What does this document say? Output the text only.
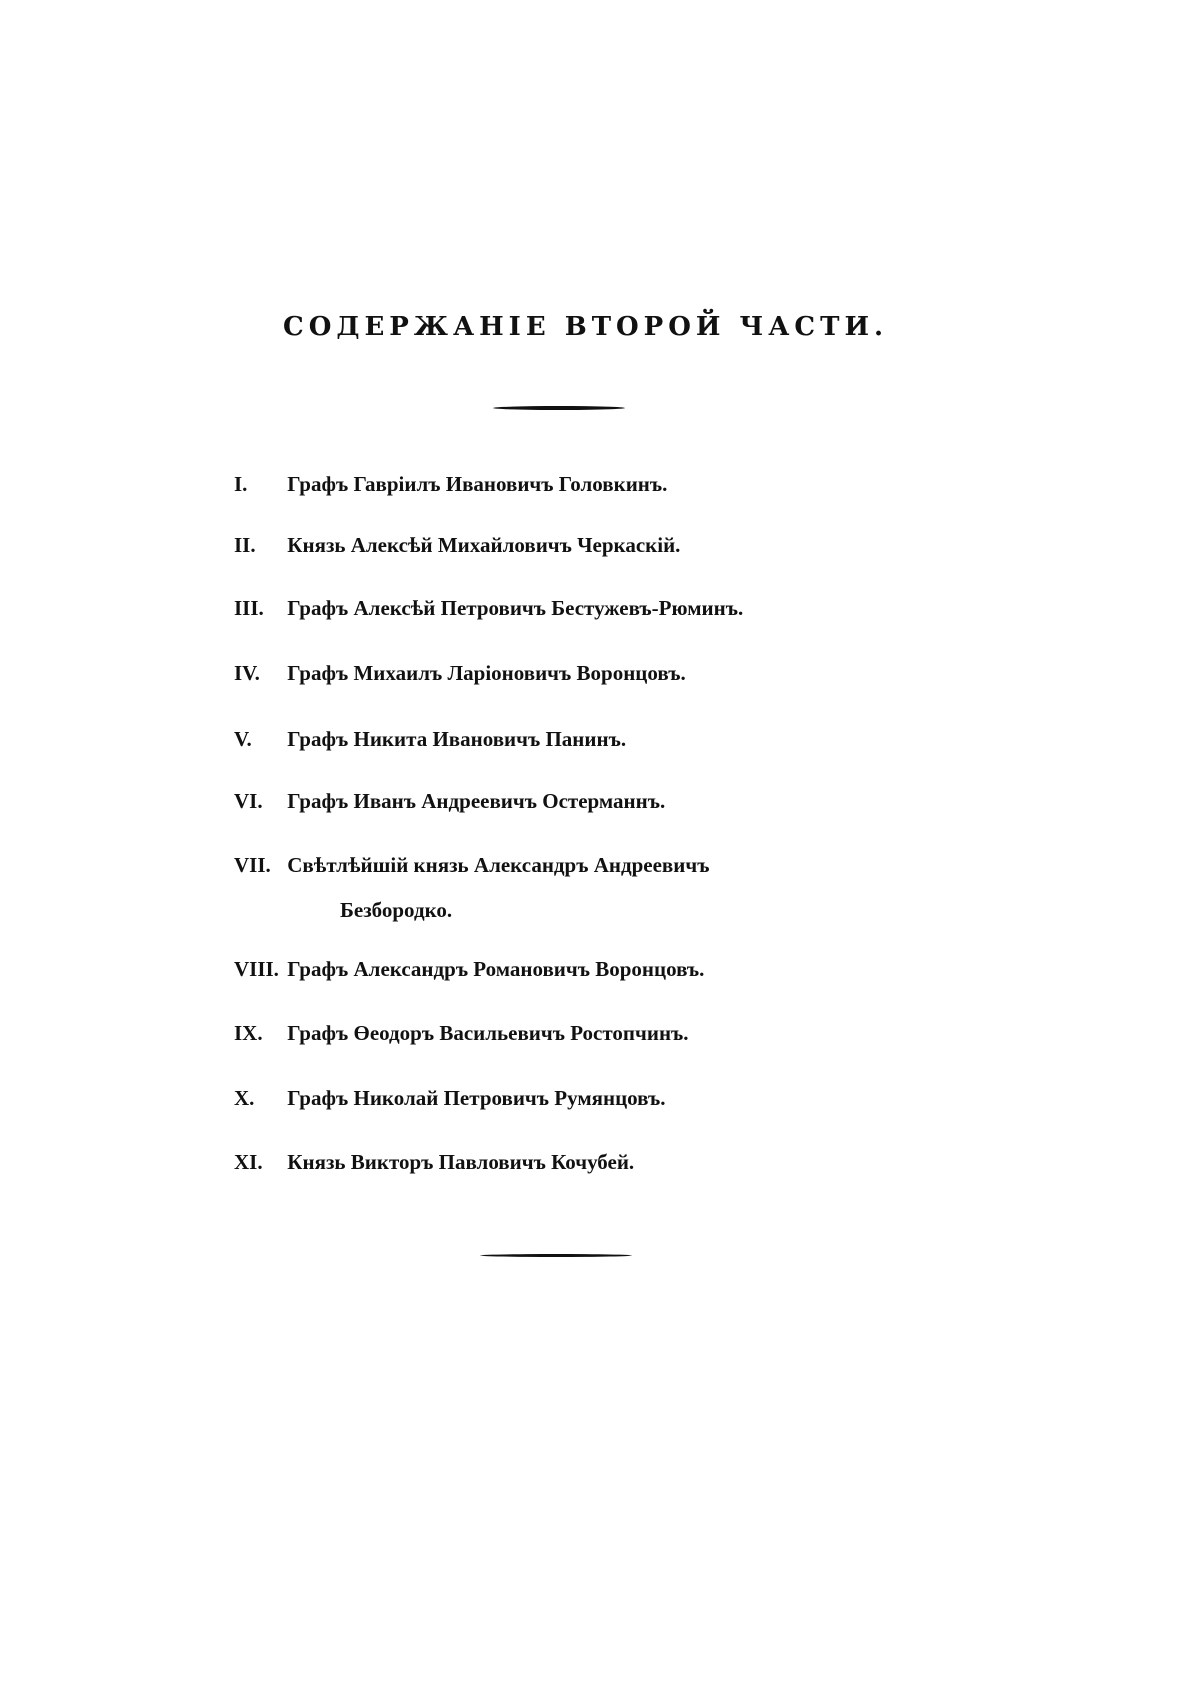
СОДЕРЖАНІЕ ВТОРОЙ ЧАСТИ.
I. Графъ Гавріилъ Ивановичъ Головкинъ.
II. Князь Алексѣй Михайловичъ Черкаскій.
III. Графъ Алексѣй Петровичъ Бестужевъ-Рюминъ.
IV. Графъ Михаилъ Ларіоновичъ Воронцовъ.
V. Графъ Никита Ивановичъ Панинъ.
VI. Графъ Иванъ Андреевичъ Остерманнъ.
VII. Свѣтлѣйшій князь Александръ Андреевичъ
Безбородко.
VIII. Графъ Александръ Романовичъ Воронцовъ.
IX. Графъ Өеодоръ Васильевичъ Ростопчинъ.
X. Графъ Николай Петровичъ Румянцовъ.
XI. Князь Викторъ Павловичъ Кочубей.
